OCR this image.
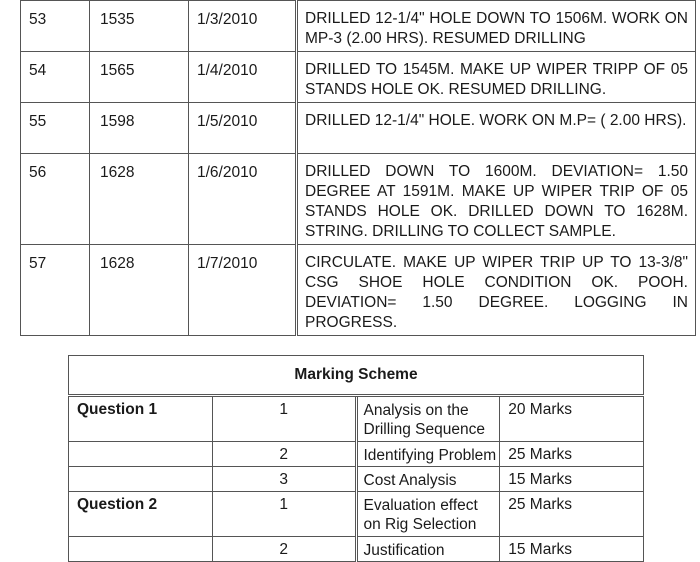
53	1535	1/3/2010	DRILLED 12-1/4" HOLE DOWN TO 1506M. WORK ON MP-3 (2.00 HRS). RESUMED DRILLING
54	1565	1/4/2010	DRILLED TO 1545M. MAKE UP WIPER TRIPP OF 05 STANDS HOLE OK. RESUMED DRILLING.
55	1598	1/5/2010	DRILLED 12-1/4" HOLE. WORK ON M.P= ( 2.00 HRS).
56	1628	1/6/2010	DRILLED DOWN TO 1600M. DEVIATION= 1.50 DEGREE AT 1591M. MAKE UP WIPER TRIP OF 05 STANDS HOLE OK. DRILLED DOWN TO 1628M. STRING. DRILLING TO COLLECT SAMPLE.
57	1628	1/7/2010	CIRCULATE. MAKE UP WIPER TRIP UP TO 13-3/8" CSG SHOE HOLE CONDITION OK. POOH. DEVIATION= 1.50 DEGREE. LOGGING IN PROGRESS.
Marking Scheme			
Question 1	1	Analysis on the Drilling Sequence	20 Marks
	2	Identifying Problem	25 Marks
	3	Cost Analysis	15 Marks
Question 2	1	Evaluation effect on Rig Selection	25 Marks
	2	Justification	15 Marks
